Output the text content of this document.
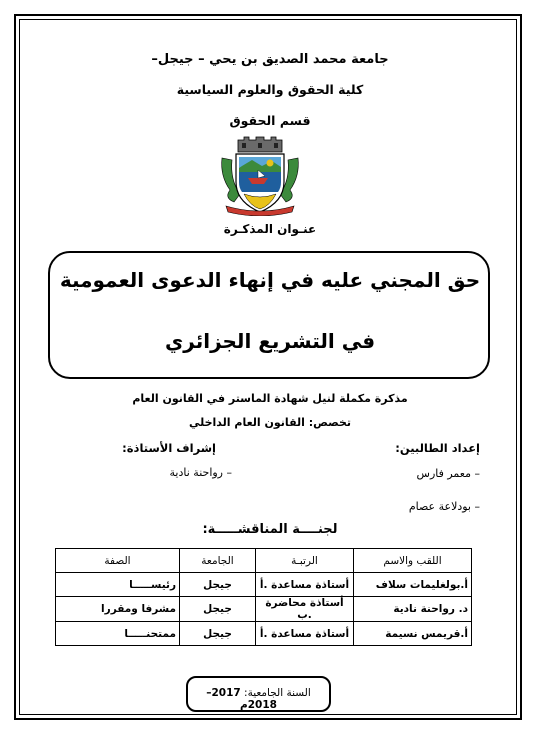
جامعة محمد الصديق بن يحي – جيجل–
كلية الحقوق والعلوم السياسية
قسم الحقوق
عنـوان المذكـرة
حق المجني عليه في إنهاء الدعوى العمومية
في التشريع الجزائري
مذكرة مكملة لنيل شهادة الماستر في القانون العام
تخصص: القانون العام الداخلي
إعداد الطالبين:
– معمر فارس
– بودلاعة عصام
إشراف الأستاذة:
– رواحنة نادية
لجنــــة المناقشـــــة:
اللقب والاسم	الرتبـة	الجامعة	الصفة
أ.بولغليمات سلاف	أستاذة مساعدة .أ	جيجل	رئيســـــا
د. رواحنة نادية	أستاذة محاضرة .ب	جيجل	مشرفا ومقررا
أ.قريمس نسيمة	أستاذة مساعدة .أ	جيجل	ممتحنـــــا
السنة الجامعية: 2017– 2018م
